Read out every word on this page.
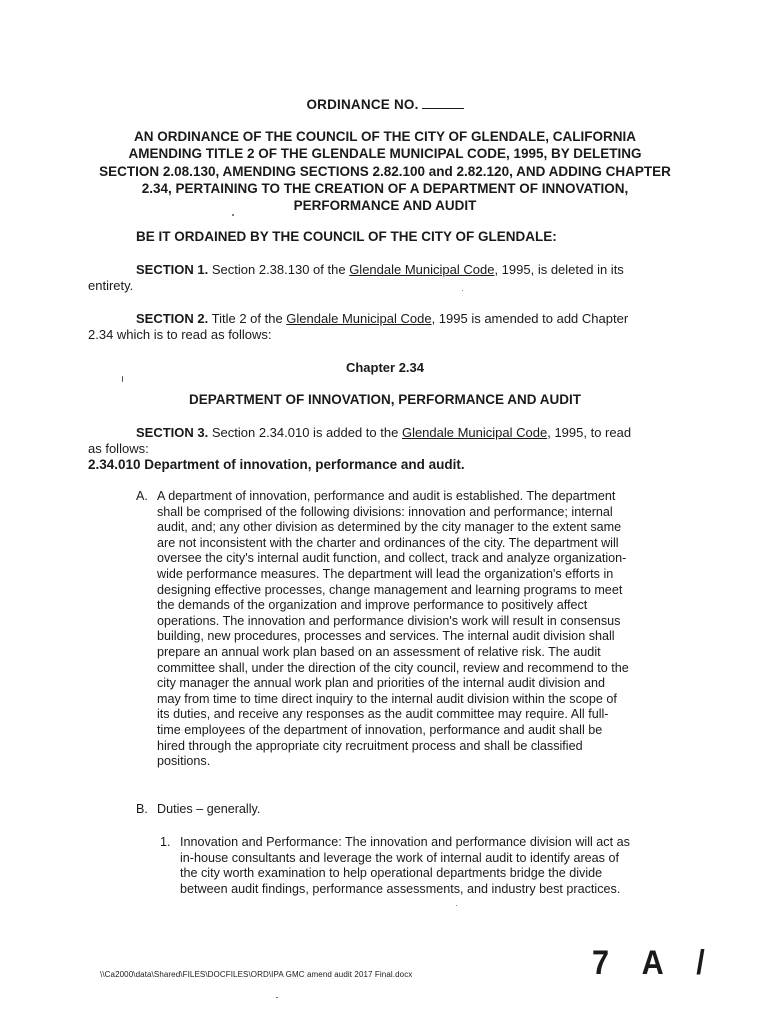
ORDINANCE NO.
AN ORDINANCE OF THE COUNCIL OF THE CITY OF GLENDALE, CALIFORNIA
AMENDING TITLE 2 OF THE GLENDALE MUNICIPAL CODE, 1995, BY DELETING
SECTION 2.08.130, AMENDING SECTIONS 2.82.100 and 2.82.120, AND ADDING CHAPTER
2.34, PERTAINING TO THE CREATION OF A DEPARTMENT OF INNOVATION,
PERFORMANCE AND AUDIT
BE IT ORDAINED BY THE COUNCIL OF THE CITY OF GLENDALE:
SECTION 1. Section 2.38.130 of the Glendale Municipal Code, 1995, is deleted in its
entirety.
SECTION 2. Title 2 of the Glendale Municipal Code, 1995 is amended to add Chapter
2.34 which is to read as follows:
Chapter 2.34
DEPARTMENT OF INNOVATION, PERFORMANCE AND AUDIT
SECTION 3. Section 2.34.010 is added to the Glendale Municipal Code, 1995, to read
as follows:
2.34.010 Department of innovation, performance and audit.
A. A department of innovation, performance and audit is established. The department
shall be comprised of the following divisions: innovation and performance; internal
audit, and; any other division as determined by the city manager to the extent same
are not inconsistent with the charter and ordinances of the city. The department will
oversee the city's internal audit function, and collect, track and analyze organization-
wide performance measures. The department will lead the organization's efforts in
designing effective processes, change management and learning programs to meet
the demands of the organization and improve performance to positively affect
operations. The innovation and performance division's work will result in consensus
building, new procedures, processes and services. The internal audit division shall
prepare an annual work plan based on an assessment of relative risk. The audit
committee shall, under the direction of the city council, review and recommend to the
city manager the annual work plan and priorities of the internal audit division and
may from time to time direct inquiry to the internal audit division within the scope of
its duties, and receive any responses as the audit committee may require. All full-
time employees of the department of innovation, performance and audit shall be
hired through the appropriate city recruitment process and shall be classified
positions.
B. Duties – generally.
1. Innovation and Performance: The innovation and performance division will act as
in-house consultants and leverage the work of internal audit to identify areas of
the city worth examination to help operational departments bridge the divide
between audit findings, performance assessments, and industry best practices.
\\Ca2000\data\Shared\FILES\DOCFILES\ORD\IPA GMC amend audit 2017 Final.docx	7 A /
